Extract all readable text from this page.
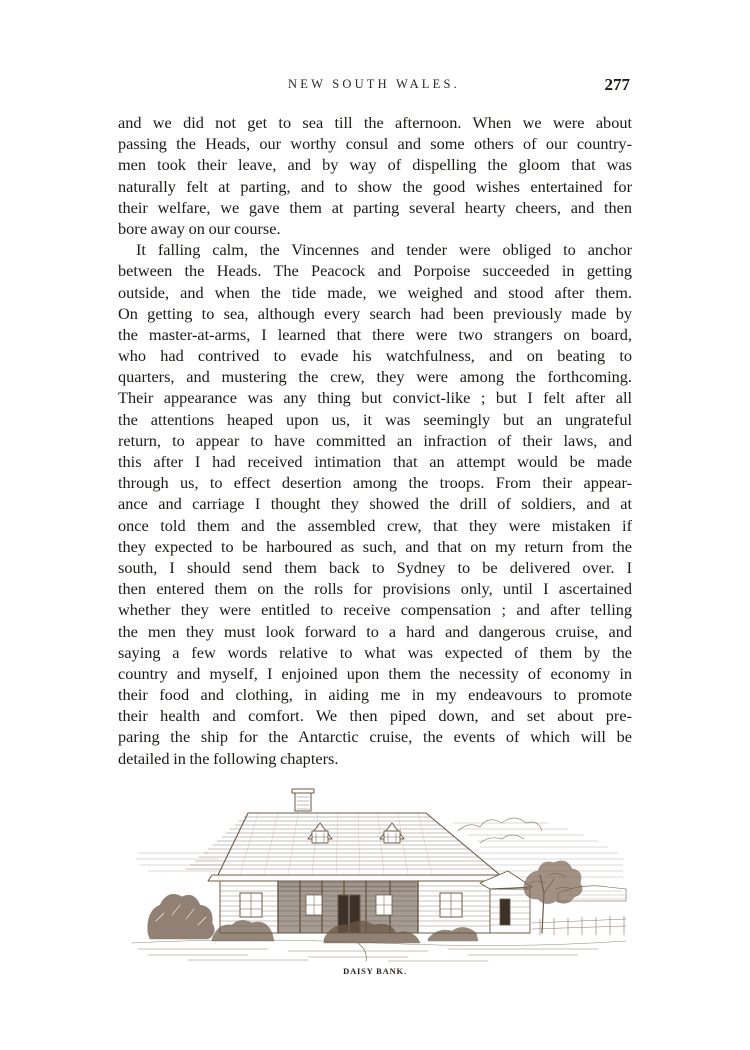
NEW SOUTH WALES.	277
and we did not get to sea till the afternoon. When we were about
passing the Heads, our worthy consul and some others of our country-
men took their leave, and by way of dispelling the gloom that was
naturally felt at parting, and to show the good wishes entertained for
their welfare, we gave them at parting several hearty cheers, and then
bore away on our course.
It falling calm, the Vincennes and tender were obliged to anchor
between the Heads. The Peacock and Porpoise succeeded in getting
outside, and when the tide made, we weighed and stood after them.
On getting to sea, although every search had been previously made by
the master-at-arms, I learned that there were two strangers on board,
who had contrived to evade his watchfulness, and on beating to
quarters, and mustering the crew, they were among the forthcoming.
Their appearance was any thing but convict-like ; but I felt after all
the attentions heaped upon us, it was seemingly but an ungrateful
return, to appear to have committed an infraction of their laws, and
this after I had received intimation that an attempt would be made
through us, to effect desertion among the troops. From their appear-
ance and carriage I thought they showed the drill of soldiers, and at
once told them and the assembled crew, that they were mistaken if
they expected to be harboured as such, and that on my return from the
south, I should send them back to Sydney to be delivered over. I
then entered them on the rolls for provisions only, until I ascertained
whether they were entitled to receive compensation ; and after telling
the men they must look forward to a hard and dangerous cruise, and
saying a few words relative to what was expected of them by the
country and myself, I enjoined upon them the necessity of economy in
their food and clothing, in aiding me in my endeavours to promote
their health and comfort. We then piped down, and set about pre-
paring the ship for the Antarctic cruise, the events of which will be
detailed in the following chapters.
DAISY BANK.
